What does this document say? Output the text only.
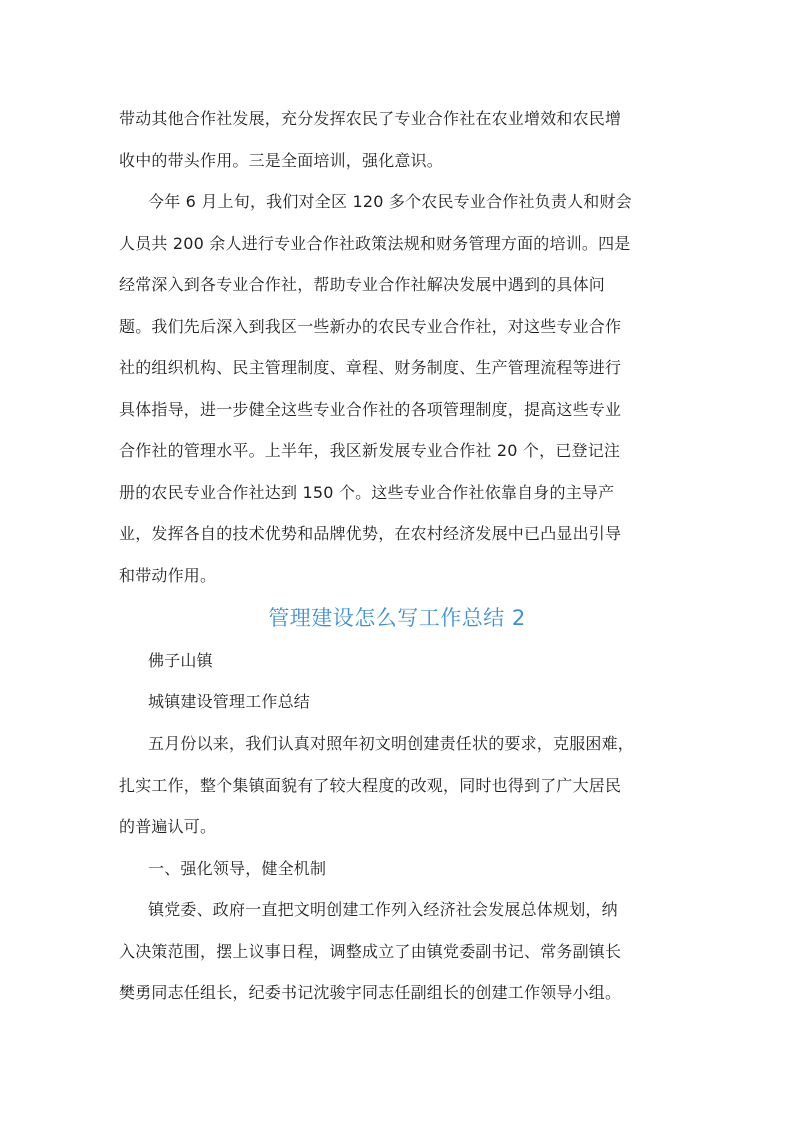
带动其他合作社发展，充分发挥农民了专业合作社在农业增效和农民增
收中的带头作用。三是全面培训，强化意识。
今年 6 月上旬，我们对全区 120 多个农民专业合作社负责人和财会
人员共 200 余人进行专业合作社政策法规和财务管理方面的培训。四是
经常深入到各专业合作社，帮助专业合作社解决发展中遇到的具体问
题。我们先后深入到我区一些新办的农民专业合作社，对这些专业合作
社的组织机构、民主管理制度、章程、财务制度、生产管理流程等进行
具体指导，进一步健全这些专业合作社的各项管理制度，提高这些专业
合作社的管理水平。上半年，我区新发展专业合作社 20 个，已登记注
册的农民专业合作社达到 150 个。这些专业合作社依靠自身的主导产
业，发挥各自的技术优势和品牌优势，在农村经济发展中已凸显出引导
和带动作用。
管理建设怎么写工作总结 2
佛子山镇
城镇建设管理工作总结
五月份以来，我们认真对照年初文明创建责任状的要求，克服困难，
扎实工作，整个集镇面貌有了较大程度的改观，同时也得到了广大居民
的普遍认可。
一、强化领导，健全机制
镇党委、政府一直把文明创建工作列入经济社会发展总体规划，纳
入决策范围，摆上议事日程，调整成立了由镇党委副书记、常务副镇长
樊勇同志任组长，纪委书记沈骏宇同志任副组长的创建工作领导小组。
